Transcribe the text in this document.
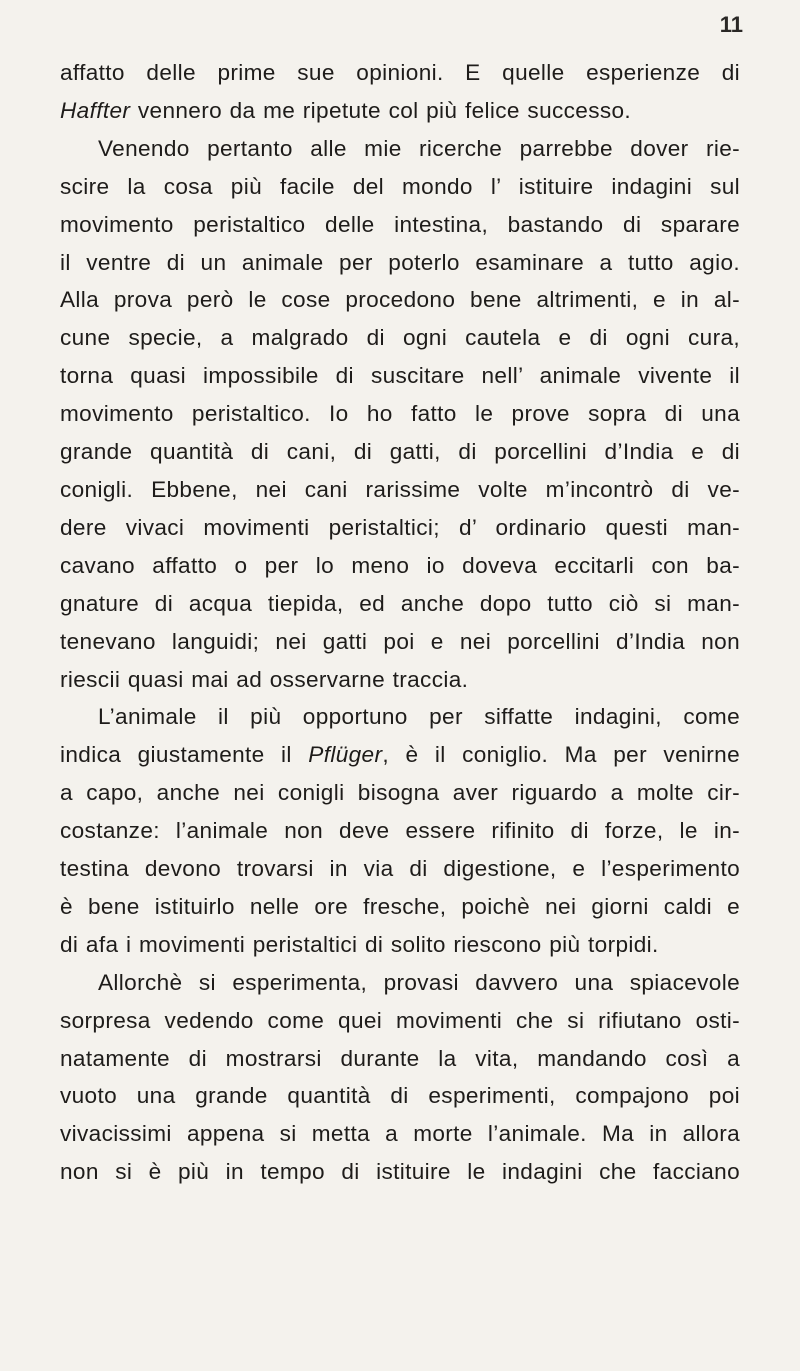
11
affatto delle prime sue opinioni. E quelle esperienze di
Haffter vennero da me ripetute col più felice successo.
Venendo pertanto alle mie ricerche parrebbe dover rie-
scire la cosa più facile del mondo l’ istituire indagini sul
movimento peristaltico delle intestina, bastando di sparare
il ventre di un animale per poterlo esaminare a tutto agio.
Alla prova però le cose procedono bene altrimenti, e in al-
cune specie, a malgrado di ogni cautela e di ogni cura,
torna quasi impossibile di suscitare nell’ animale vivente il
movimento peristaltico. Io ho fatto le prove sopra di una
grande quantità di cani, di gatti, di porcellini d’India e di
conigli. Ebbene, nei cani rarissime volte m’incontrò di ve-
dere vivaci movimenti peristaltici; d’ ordinario questi man-
cavano affatto o per lo meno io doveva eccitarli con ba-
gnature di acqua tiepida, ed anche dopo tutto ciò si man-
tenevano languidi; nei gatti poi e nei porcellini d’India non
riescii quasi mai ad osservarne traccia.
L’animale il più opportuno per siffatte indagini, come
indica giustamente il Pflüger, è il coniglio. Ma per venirne
a capo, anche nei conigli bisogna aver riguardo a molte cir-
costanze: l’animale non deve essere rifinito di forze, le in-
testina devono trovarsi in via di digestione, e l’esperimento
è bene istituirlo nelle ore fresche, poichè nei giorni caldi e
di afa i movimenti peristaltici di solito riescono più torpidi.
Allorchè si esperimenta, provasi davvero una spiacevole
sorpresa vedendo come quei movimenti che si rifiutano osti-
natamente di mostrarsi durante la vita, mandando così a
vuoto una grande quantità di esperimenti, compajono poi
vivacissimi appena si metta a morte l’animale. Ma in allora
non si è più in tempo di istituire le indagini che facciano
